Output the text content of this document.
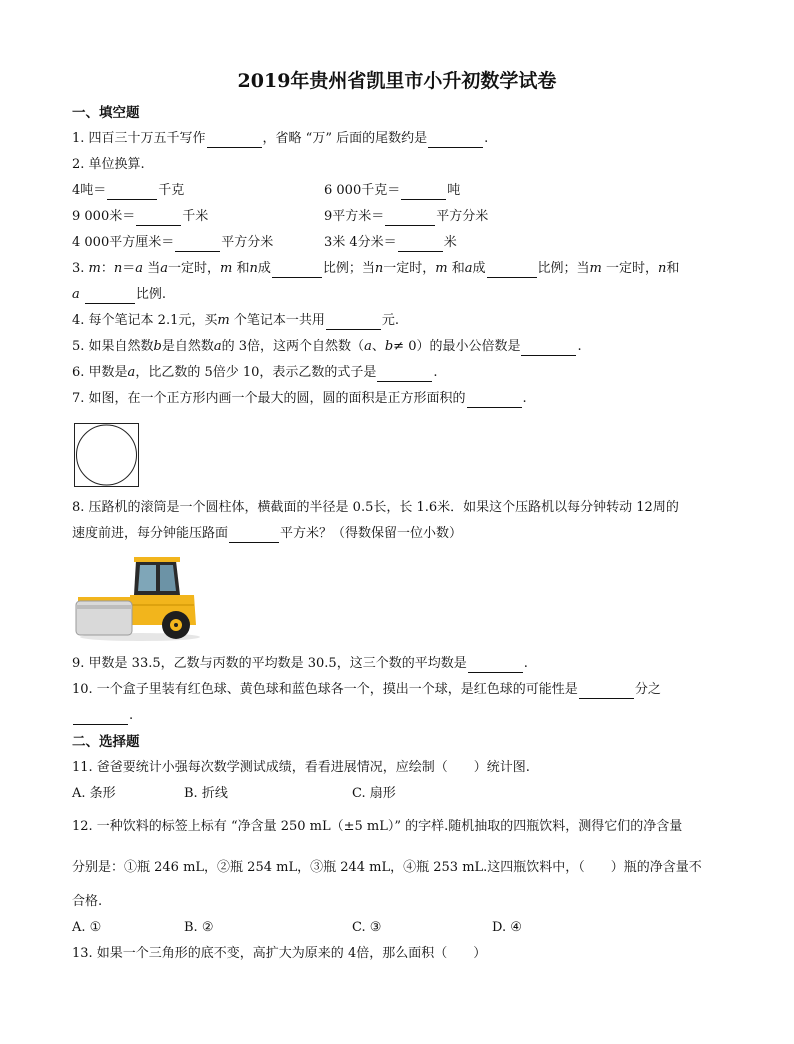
2019年贵州省凯里市小升初数学试卷
一、填空题
1. 四百三十万五千写作	，省略 “万” 后面的尾数约是	.
2. 单位换算.
4吨＝	千克	6 000千克＝	吨
9 000米＝	千米	9平方米＝	平方分米
4 000平方厘米＝	平方分米	3米 4分米＝	米
3. m：n＝a 当a一定时，m 和n成	比例；当n一定时，m 和a成	比例；当m 一定时，n和
a	比例.
4. 每个笔记本 2.1元，买m 个笔记本一共用	元.
5. 如果自然数b是自然数a的 3倍，这两个自然数（a、b≠ 0）的最小公倍数是	.
6. 甲数是a，比乙数的 5倍少 10，表示乙数的式子是	.
7. 如图，在一个正方形内画一个最大的圆，圆的面积是正方形面积的	.
8. 压路机的滚筒是一个圆柱体，横截面的半径是 0.5长，长 1.6米．如果这个压路机以每分钟转动 12周的
速度前进，每分钟能压路面	平方米？（得数保留一位小数）
9. 甲数是 33.5，乙数与丙数的平均数是 30.5，这三个数的平均数是	.
10. 一个盒子里装有红色球、黄色球和蓝色球各一个，摸出一个球，是红色球的可能性是	分之
.
二、选择题
11. 爸爸要统计小强每次数学测试成绩，看看进展情况，应绘制（　　）统计图.
A. 条形	B. 折线	C. 扇形
12. 一种饮料的标签上标有 “净含量 250 mL（±5 mL）” 的字样.随机抽取的四瓶饮料，测得它们的净含量
分别是：①瓶 246 mL，②瓶 254 mL，③瓶 244 mL，④瓶 253 mL.这四瓶饮料中，（　　）瓶的净含量不
合格.
A. ①	B. ②	C. ③	D. ④
13. 如果一个三角形的底不变，高扩大为原来的 4倍，那么面积（　　）
